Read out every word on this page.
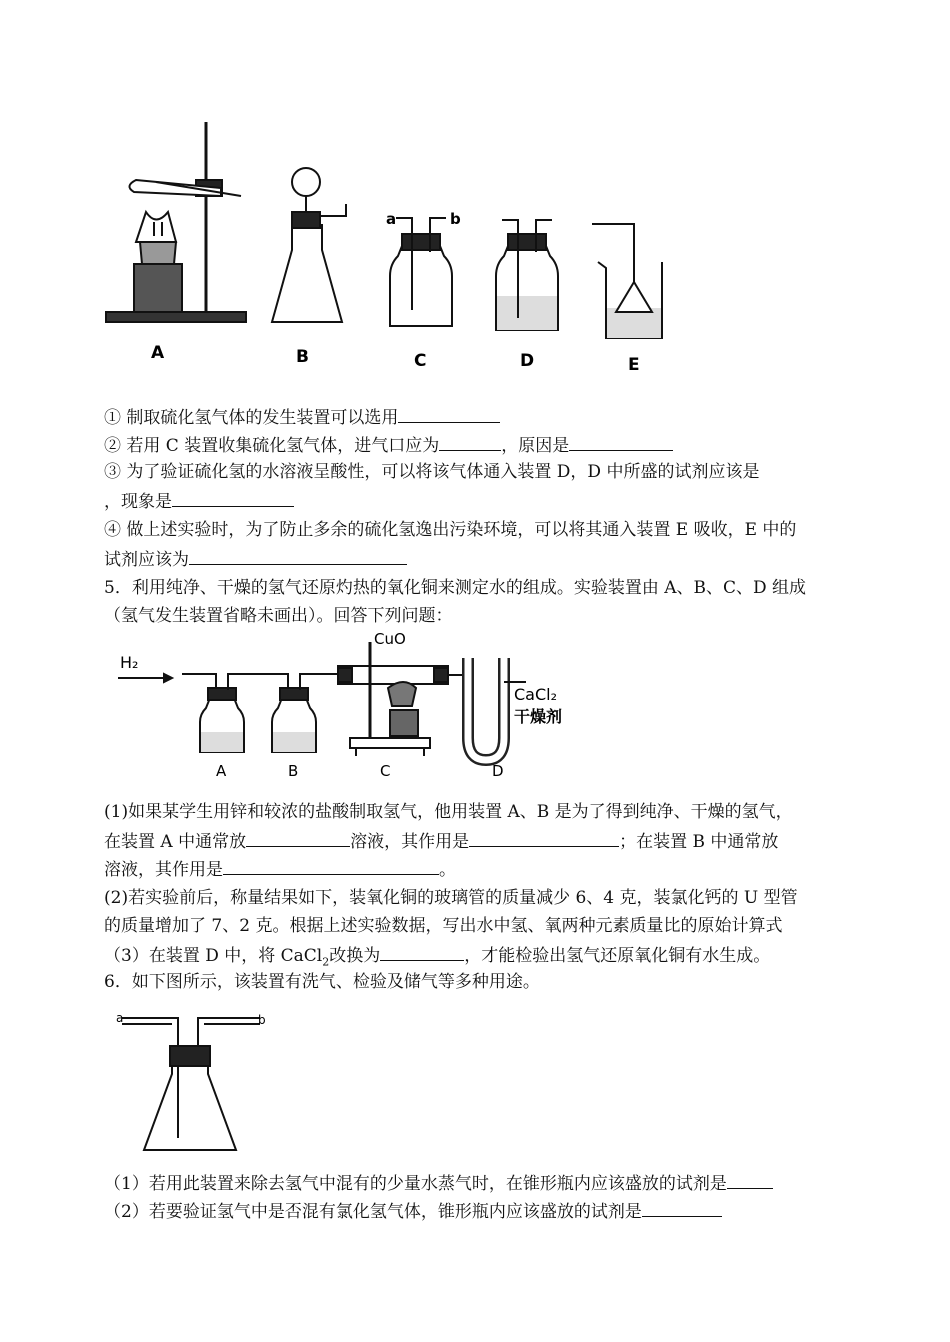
A	B	C	D	E
a	b
① 制取硫化氢气体的发生装置可以选用
② 若用 C 装置收集硫化氢气体，进气口应为	，原因是
③ 为了验证硫化氢的水溶液呈酸性，可以将该气体通入装置 D，D 中所盛的试剂应该是
，现象是
④ 做上述实验时，为了防止多余的硫化氢逸出污染环境，可以将其通入装置 E 吸收，E 中的
试剂应该为
5．利用纯净、干燥的氢气还原灼热的氧化铜来测定水的组成。实验装置由 A、B、C、D 组成
（氢气发生装置省略未画出）。回答下列问题：
H₂
CuO
CaCl₂
干燥剂
A	B	C	D
(1)如果某学生用锌和较浓的盐酸制取氢气，他用装置 A、B 是为了得到纯净、干燥的氢气，
在装置 A 中通常放	溶液，其作用是	；在装置 B 中通常放
溶液，其作用是	。
(2)若实验前后，称量结果如下，装氧化铜的玻璃管的质量减少 6、4 克，装氯化钙的 U 型管
的质量增加了 7、2 克。根据上述实验数据，写出水中氢、氧两种元素质量比的原始计算式
（3）在装置 D 中，将 CaCl$_2$改换为	，才能检验出氢气还原氧化铜有水生成。
6．如下图所示，该装置有洗气、检验及储气等多种用途。
a	b
（1）若用此装置来除去氢气中混有的少量水蒸气时，在锥形瓶内应该盛放的试剂是
（2）若要验证氢气中是否混有氯化氢气体，锥形瓶内应该盛放的试剂是
